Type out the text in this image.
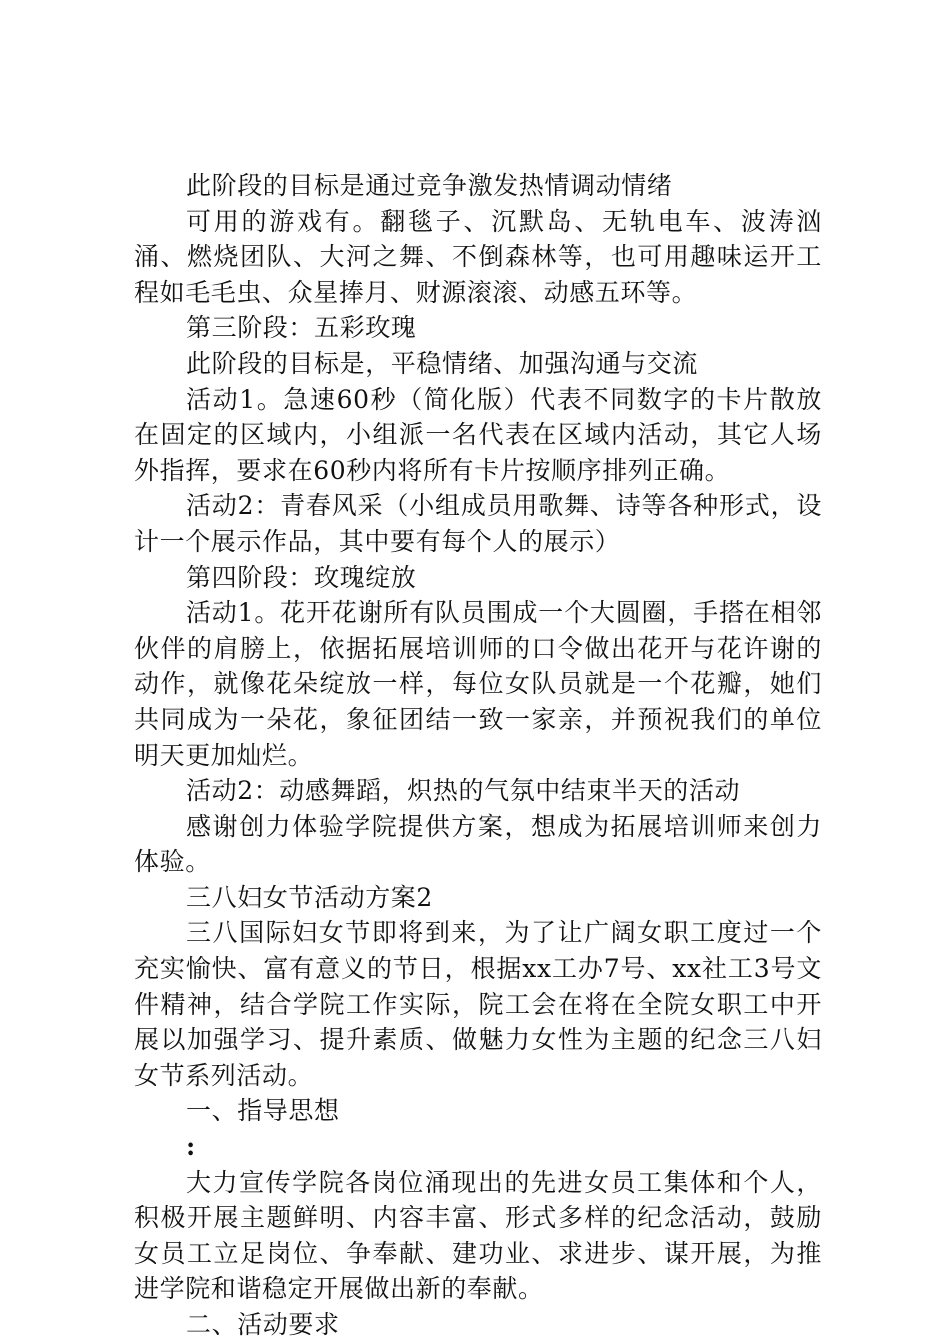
此阶段的目标是通过竞争激发热情调动情绪

可用的游戏有。翻毯子、沉默岛、无轨电车、波涛汹涌、燃烧团队、大河之舞、不倒森林等，也可用趣味运开工程如毛毛虫、众星捧月、财源滚滚、动感五环等。

第三阶段：五彩玫瑰

此阶段的目标是，平稳情绪、加强沟通与交流

活动1。急速60秒（简化版）代表不同数字的卡片散放在固定的区域内，小组派一名代表在区域内活动，其它人场外指挥，要求在60秒内将所有卡片按顺序排列正确。

活动2：青春风采（小组成员用歌舞、诗等各种形式，设计一个展示作品，其中要有每个人的展示）

第四阶段：玫瑰绽放

活动1。花开花谢所有队员围成一个大圆圈，手搭在相邻伙伴的肩膀上，依据拓展培训师的口令做出花开与花许谢的动作，就像花朵绽放一样，每位女队员就是一个花瓣，她们共同成为一朵花，象征团结一致一家亲，并预祝我们的单位明天更加灿烂。

活动2：动感舞蹈，炽热的气氛中结束半天的活动

感谢创力体验学院提供方案，想成为拓展培训师来创力体验。

三八妇女节活动方案2

三八国际妇女节即将到来，为了让广阔女职工度过一个充实愉快、富有意义的节日，根据xx工办7号、xx社工3号文件精神，结合学院工作实际，院工会在将在全院女职工中开展以加强学习、提升素质、做魅力女性为主题的纪念三八妇女节系列活动。

一、指导思想

:

大力宣传学院各岗位涌现出的先进女员工集体和个人，积极开展主题鲜明、内容丰富、形式多样的纪念活动，鼓励女员工立足岗位、争奉献、建功业、求进步、谋开展，为推进学院和谐稳定开展做出新的奉献。

二、活动要求
